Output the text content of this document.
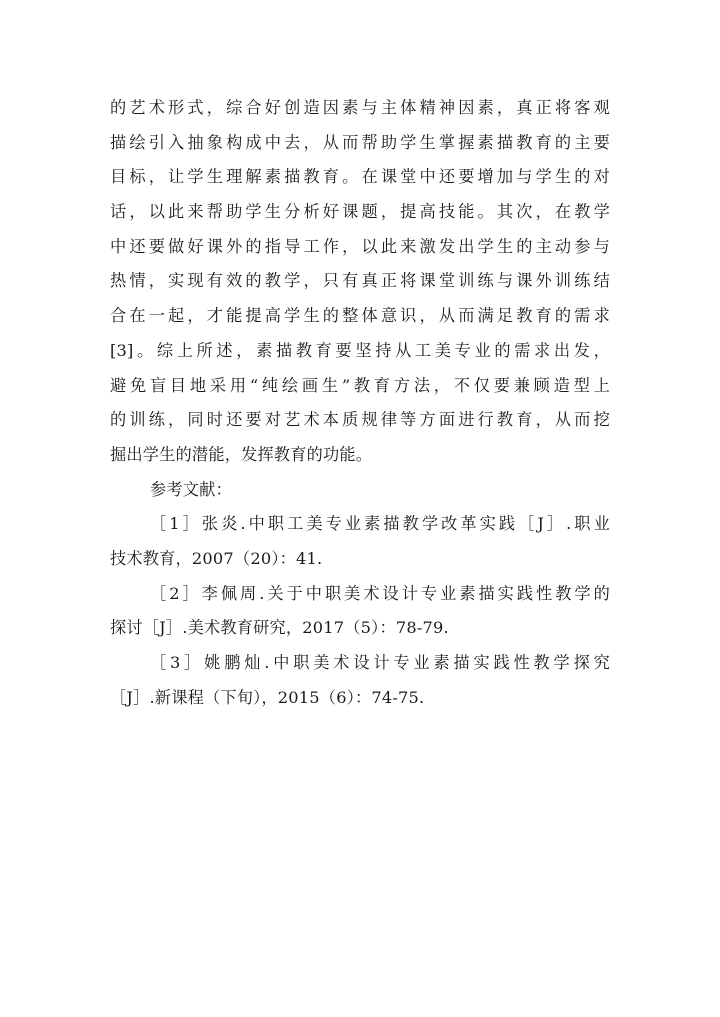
的艺术形式，综合好创造因素与主体精神因素，真正将客观
描绘引入抽象构成中去，从而帮助学生掌握素描教育的主要
目标，让学生理解素描教育。在课堂中还要增加与学生的对
话，以此来帮助学生分析好课题，提高技能。其次，在教学
中还要做好课外的指导工作，以此来激发出学生的主动参与
热情，实现有效的教学，只有真正将课堂训练与课外训练结
合在一起，才能提高学生的整体意识，从而满足教育的需求
[3]。综上所述，素描教育要坚持从工美专业的需求出发，
避免盲目地采用“纯绘画生”教育方法，不仅要兼顾造型上
的训练，同时还要对艺术本质规律等方面进行教育，从而挖
掘出学生的潜能，发挥教育的功能。
参考文献：
［1］张炎.中职工美专业素描教学改革实践［J］.职业
技术教育，2007（20）：41.
［2］李佩周.关于中职美术设计专业素描实践性教学的
探讨［J］.美术教育研究，2017（5）：78-79.
［3］姚鹏灿.中职美术设计专业素描实践性教学探究
［J］.新课程（下旬），2015（6）：74-75.
